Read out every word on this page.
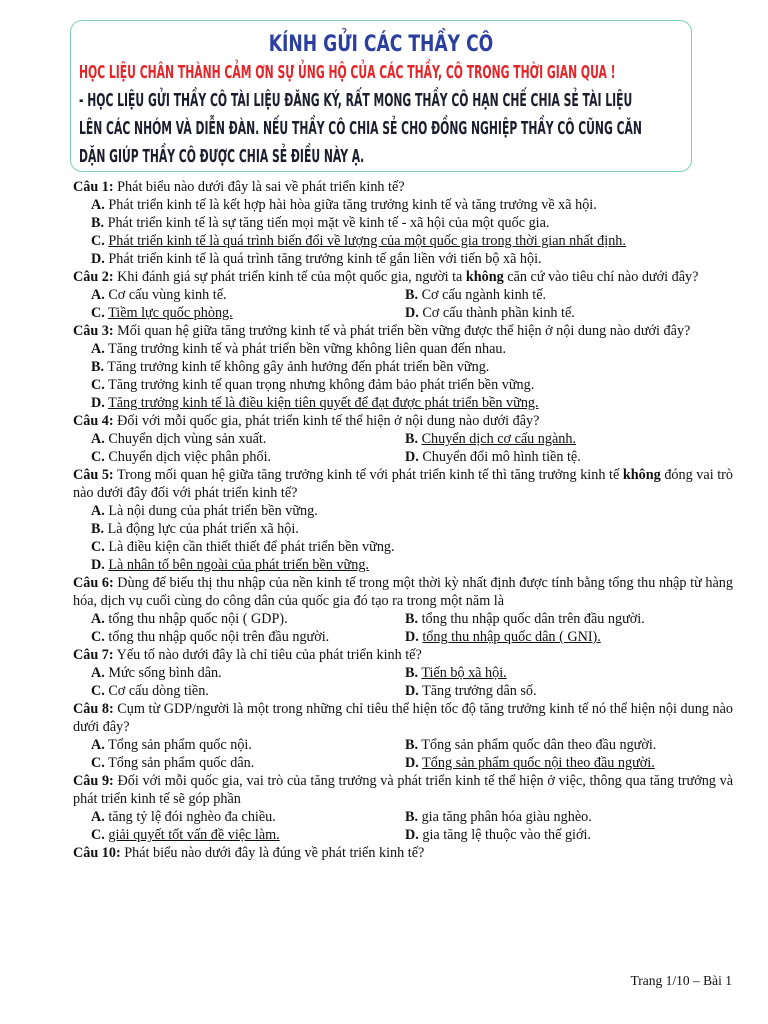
KÍNH GỬI CÁC THẦY CÔ

HỌC LIỆU CHÂN THÀNH CẢM ƠN SỰ ỦNG HỘ CỦA CÁC THẦY, CÔ TRONG THỜI GIAN QUA !

- HỌC LIỆU GỬI THẦY CÔ TÀI LIỆU ĐĂNG KÝ, RẤT MONG THẦY CÔ HẠN CHẾ CHIA SẺ TÀI LIỆU

LÊN CÁC NHÓM VÀ DIỄN ĐÀN. NẾU THẦY CÔ CHIA SẺ CHO ĐỒNG NGHIỆP THẦY CÔ CŨNG CĂN

DẶN GIÚP THẦY CÔ ĐƯỢC CHIA SẺ ĐIỀU NÀY Ạ.

Câu 1: Phát biểu nào dưới đây là sai về phát triển kinh tế?

A. Phát triển kinh tế là kết hợp hài hòa giữa tăng trưởng kinh tế và tăng trưởng về xã hội.

B. Phát triển kinh tế là sự tăng tiến mọi mặt về kinh tế - xã hội của một quốc gia.

C. Phát triển kinh tế là quá trình biến đổi về lượng của một quốc gia trong thời gian nhất định.

D. Phát triển kinh tế là quá trình tăng trưởng kinh tế gắn liền với tiến bộ xã hội.

Câu 2: Khi đánh giá sự phát triển kinh tế của một quốc gia, người ta không căn cứ vào tiêu chí nào dưới đây?

A. Cơ cấu vùng kinh tế.	B. Cơ cấu ngành kinh tế.
C. Tiềm lực quốc phòng.	D. Cơ cấu thành phần kinh tế.

Câu 3: Mối quan hệ giữa tăng trưởng kinh tế và phát triển bền vững được thể hiện ở nội dung nào dưới đây?

A. Tăng trưởng kinh tế và phát triển bền vững không liên quan đến nhau.

B. Tăng trưởng kinh tế không gây ảnh hưởng đến phát triển bền vững.

C. Tăng trưởng kinh tế quan trọng nhưng không đảm bảo phát triển bền vững.

D. Tăng trưởng kinh tế là điều kiện tiên quyết để đạt được phát triển bền vững.

Câu 4: Đối với mỗi quốc gia, phát triển kinh tế thể hiện ở nội dung nào dưới đây?

A. Chuyển dịch vùng sản xuất.	B. Chuyển dịch cơ cấu ngành.
C. Chuyển dịch việc phân phối.	D. Chuyển đổi mô hình tiền tệ.

Câu 5: Trong mối quan hệ giữa tăng trưởng kinh tế với phát triển kinh tế thì tăng trưởng kinh tế không đóng vai trò nào dưới đây đối với phát triển kinh tế?

A. Là nội dung của phát triển bền vững.

B. Là động lực của phát triển xã hội.

C. Là điều kiện cần thiết thiết để phát triển bền vững.

D. Là nhân tố bên ngoài của phát triển bền vững.

Câu 6: Dùng để biểu thị thu nhập của nền kinh tế trong một thời kỳ nhất định được tính bằng tổng thu nhập từ hàng hóa, dịch vụ cuối cùng do công dân của quốc gia đó tạo ra trong một năm là

A. tổng thu nhập quốc nội ( GDP).	B. tổng thu nhập quốc dân trên đầu người.
C. tổng thu nhập quốc nội trên đầu người.	D. tổng thu nhập quốc dân ( GNI).

Câu 7: Yếu tố nào dưới đây là chỉ tiêu của phát triển kinh tế?

A. Mức sống bình dân.	B. Tiến bộ xã hội.
C. Cơ cấu dòng tiền.	D. Tăng trưởng dân số.

Câu 8: Cụm từ GDP/người là một trong những chỉ tiêu thể hiện tốc độ tăng trưởng kinh tế nó thể hiện nội dung nào dưới đây?

A. Tổng sản phẩm quốc nội.	B. Tổng sản phẩm quốc dân theo đầu người.
C. Tổng sản phẩm quốc dân.	D. Tổng sản phẩm quốc nội theo đầu người.

Câu 9: Đối với mỗi quốc gia, vai trò của tăng trưởng và phát triển kinh tế thể hiện ở việc, thông qua tăng trưởng và phát triển kinh tế sẽ góp phần

A. tăng tỷ lệ đói nghèo đa chiều.	B. gia tăng phân hóa giàu nghèo.
C. giải quyết tốt vấn đề việc làm.	D. gia tăng lệ thuộc vào thế giới.

Câu 10: Phát biểu nào dưới đây là đúng về phát triển kinh tế?

Trang 1/10 – Bài 1
